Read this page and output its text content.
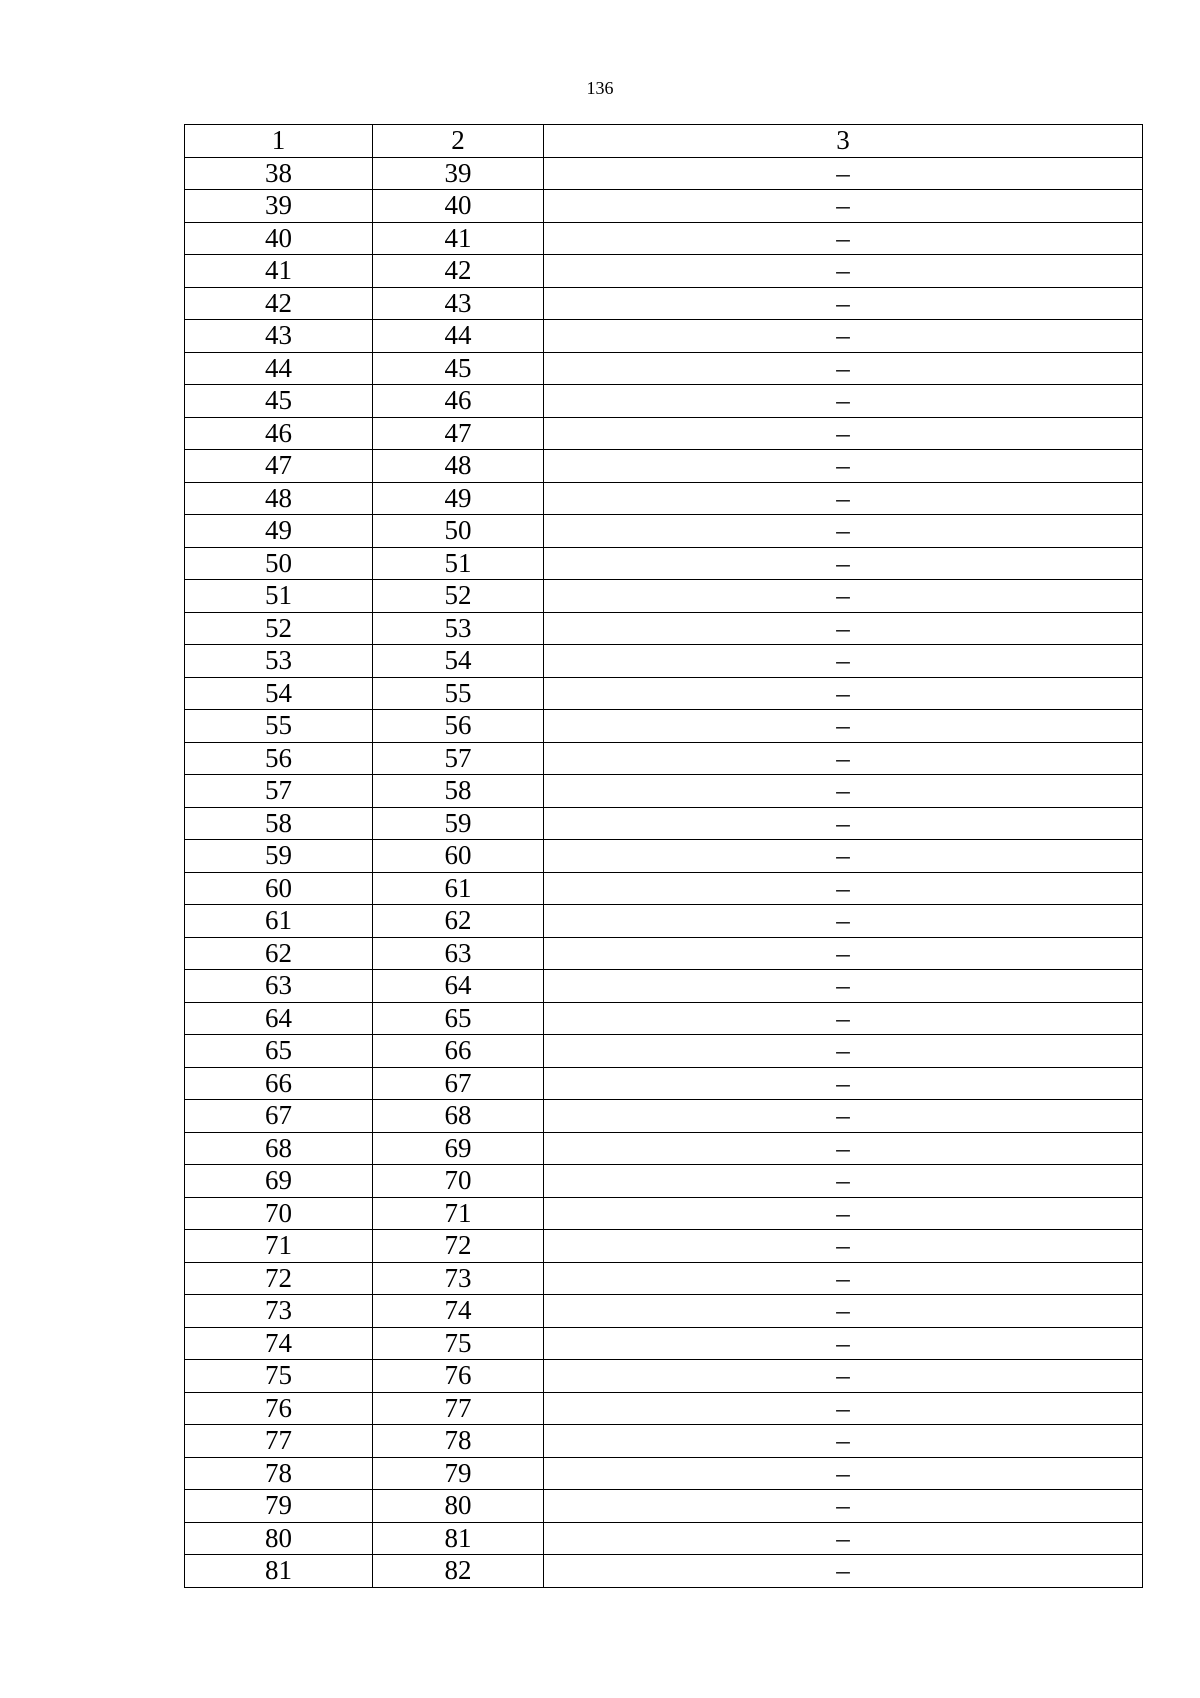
136
1	2	3
38	39	–
39	40	–
40	41	–
41	42	–
42	43	–
43	44	–
44	45	–
45	46	–
46	47	–
47	48	–
48	49	–
49	50	–
50	51	–
51	52	–
52	53	–
53	54	–
54	55	–
55	56	–
56	57	–
57	58	–
58	59	–
59	60	–
60	61	–
61	62	–
62	63	–
63	64	–
64	65	–
65	66	–
66	67	–
67	68	–
68	69	–
69	70	–
70	71	–
71	72	–
72	73	–
73	74	–
74	75	–
75	76	–
76	77	–
77	78	–
78	79	–
79	80	–
80	81	–
81	82	–
